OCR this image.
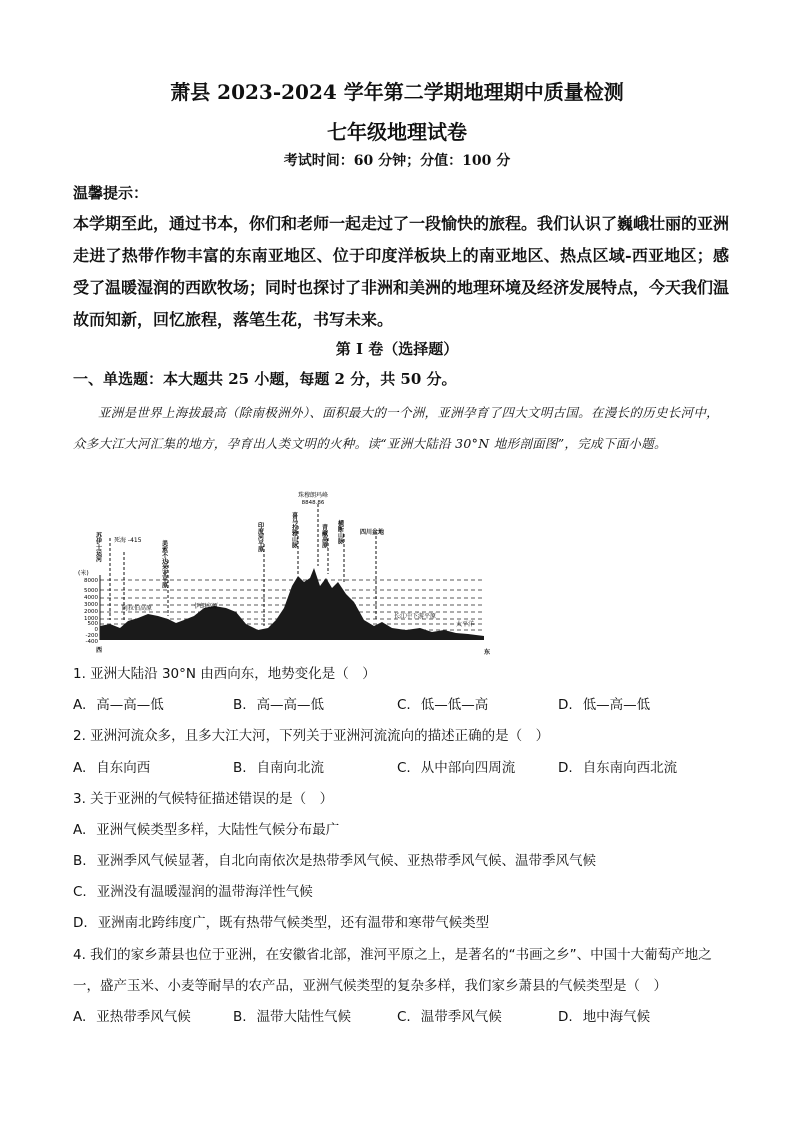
萧县 2023-2024 学年第二学期地理期中质量检测
七年级地理试卷
考试时间：60 分钟；分值：100 分
温馨提示：
本学期至此，通过书本，你们和老师一起走过了一段愉快的旅程。我们认识了巍峨壮丽的亚洲走进了热带作物丰富的东南亚地区、位于印度洋板块上的南亚地区、热点区域-西亚地区；感受了温暖湿润的西欧牧场；同时也探讨了非洲和美洲的地理环境及经济发展特点，今天我们温故而知新，回忆旅程，落笔生花，书写未来。
第 I 卷（选择题）
一、单选题：本大题共 25 小题，每题 2 分，共 50 分。
亚洲是世界上海拔最高（除南极洲外）、面积最大的一个洲，亚洲孕育了四大文明古国。在漫长的历史长河中，众多大江大河汇集的地方，孕育出人类文明的火种。读“亚洲大陆沿 30°N 地形剖面图”，完成下面小题。
(米)
8000
5000
4000
3000
2000
1000
500
0
-200
-400
珠穆朗玛峰
8848.86
苏伊士运河 死海 -415	美索不达米亚平原
伊朗高原
印度河平原	喜马拉雅山脉	青藏高原 横断山脉	四川盆地
阿拉伯高原
长江中下游平原
太平洋
西	东
1. 亚洲大陆沿 30°N 由西向东，地势变化是（　）
A. 高—高—低	B. 高—高—低	C. 低—低—高	D. 低—高—低
2. 亚洲河流众多，且多大江大河，下列关于亚洲河流流向的描述正确的是（　）
A. 自东向西	B. 自南向北流	C. 从中部向四周流	D. 自东南向西北流
3. 关于亚洲的气候特征描述错误的是（　）
A. 亚洲气候类型多样，大陆性气候分布最广
B. 亚洲季风气候显著，自北向南依次是热带季风气候、亚热带季风气候、温带季风气候
C. 亚洲没有温暖湿润的温带海洋性气候
D. 亚洲南北跨纬度广，既有热带气候类型，还有温带和寒带气候类型
4. 我们的家乡萧县也位于亚洲，在安徽省北部，淮河平原之上，是著名的“书画之乡”、中国十大葡萄产地之一，盛产玉米、小麦等耐旱的农产品，亚洲气候类型的复杂多样，我们家乡萧县的气候类型是（　）
A. 亚热带季风气候	B. 温带大陆性气候	C. 温带季风气候	D. 地中海气候
